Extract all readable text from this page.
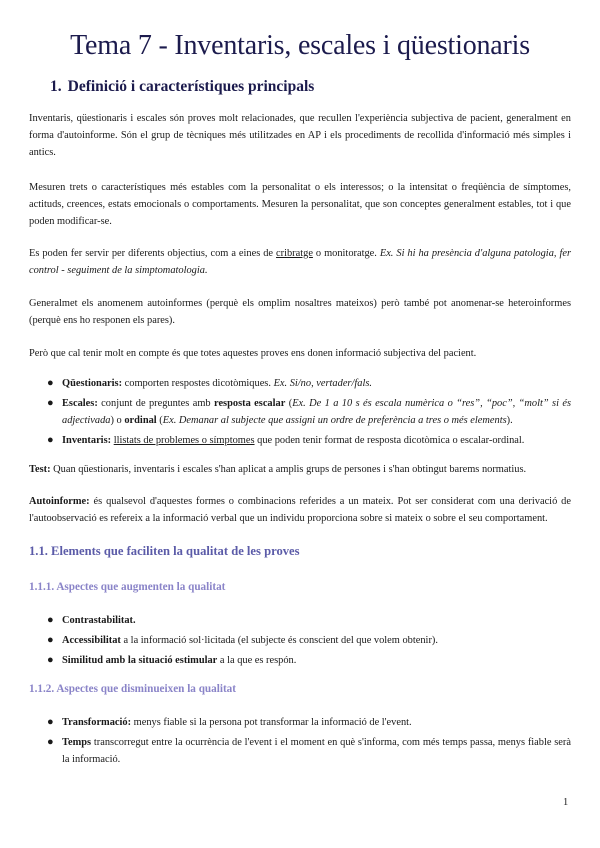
Tema 7 - Inventaris, escales i qüestionaris
1. Definició i característiques principals

Inventaris, qüestionaris i escales són proves molt relacionades, que recullen l'experiència subjectiva de pacient, generalment en forma d'autoinforme. Són el grup de tècniques més utilitzades en AP i els procediments de recollida d'informació més simples i antics.

Mesuren trets o característiques més estables com la personalitat o els interessos; o la intensitat o freqüència de símptomes, actituds, creences, estats emocionals o comportaments. Mesuren la personalitat, que son conceptes generalment estables, tot i que poden modificar-se.

Es poden fer servir per diferents objectius, com a eines de cribratge o monitoratge. Ex. Si hi ha presència d'alguna patologia, fer control - seguiment de la simptomatologia.

Generalmet els anomenem autoinformes (perquè els omplim nosaltres mateixos) però també pot anomenar-se heteroinformes (perquè ens ho responen els pares).

Però que cal tenir molt en compte és que totes aquestes proves ens donen informació subjectiva del pacient.

● Qüestionaris: comporten respostes dicotòmiques. Ex. Si/no, vertader/fals.
● Escales: conjunt de preguntes amb resposta escalar (Ex. De 1 a 10 s és escala numèrica o “res”, “poc”, “molt” si és adjectivada) o ordinal (Ex. Demanar al subjecte que assigni un ordre de preferència a tres o més elements).
● Inventaris: llistats de problemes o símptomes que poden tenir format de resposta dicotòmica o escalar-ordinal.

Test: Quan qüestionaris, inventaris i escales s'han aplicat a amplis grups de persones i s'han obtingut barems normatius.

Autoinforme: és qualsevol d'aquestes formes o combinacions referides a un mateix. Pot ser considerat com una derivació de l'autoobservació es refereix a la informació verbal que un individu proporciona sobre si mateix o sobre el seu comportament.

1.1. Elements que faciliten la qualitat de les proves
1.1.1. Aspectes que augmenten la qualitat
● Contrastabilitat.
● Accessibilitat a la informació sol·licitada (el subjecte és conscient del que volem obtenir).
● Similitud amb la situació estimular a la que es respón.
1.1.2. Aspectes que disminueixen la qualitat
● Transformació: menys fiable si la persona pot transformar la informació de l'event.
● Temps transcorregut entre la ocurrència de l'event i el moment en què s'informa, com més temps passa, menys fiable serà la informació.
1
